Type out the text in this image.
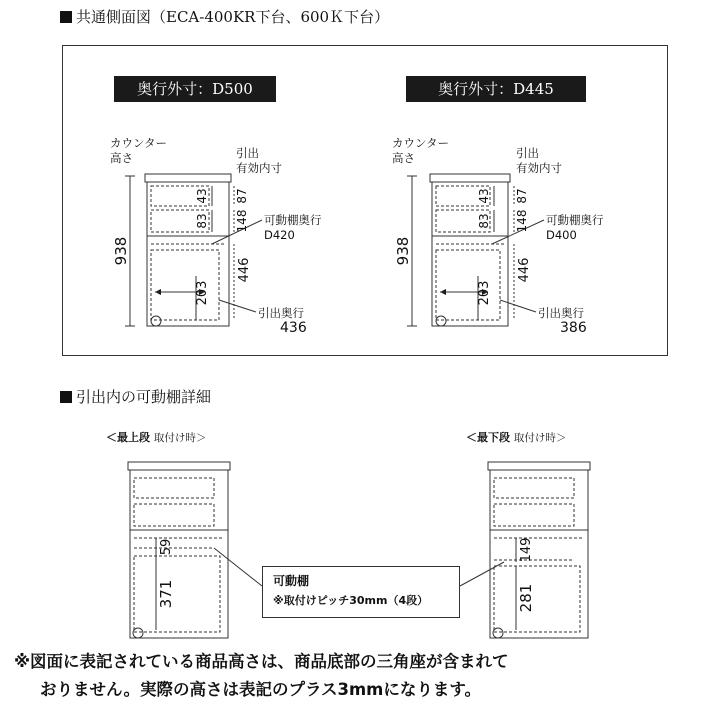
共通側面図（ECA-400KR下台、600Ｋ下台）
奥行外寸：D500
カウンター
高さ	引出
有効内寸
可動棚奥行
D420
引出奥行
436
938
43
83
87
148
446
203
奥行外寸：D445
カウンター
高さ	引出
有効内寸
可動棚奥行
D400
引出奥行
386
938
43
83
87
148
446
203
引出内の可動棚詳細
＜最上段 取付け時＞	＜最下段 取付け時＞
59
371
149
281
可動棚
※取付けピッチ30mm（4段）
※図面に表記されている商品高さは、商品底部の三角座が含まれて
おりません。実際の高さは表記のプラス3mmになります。
